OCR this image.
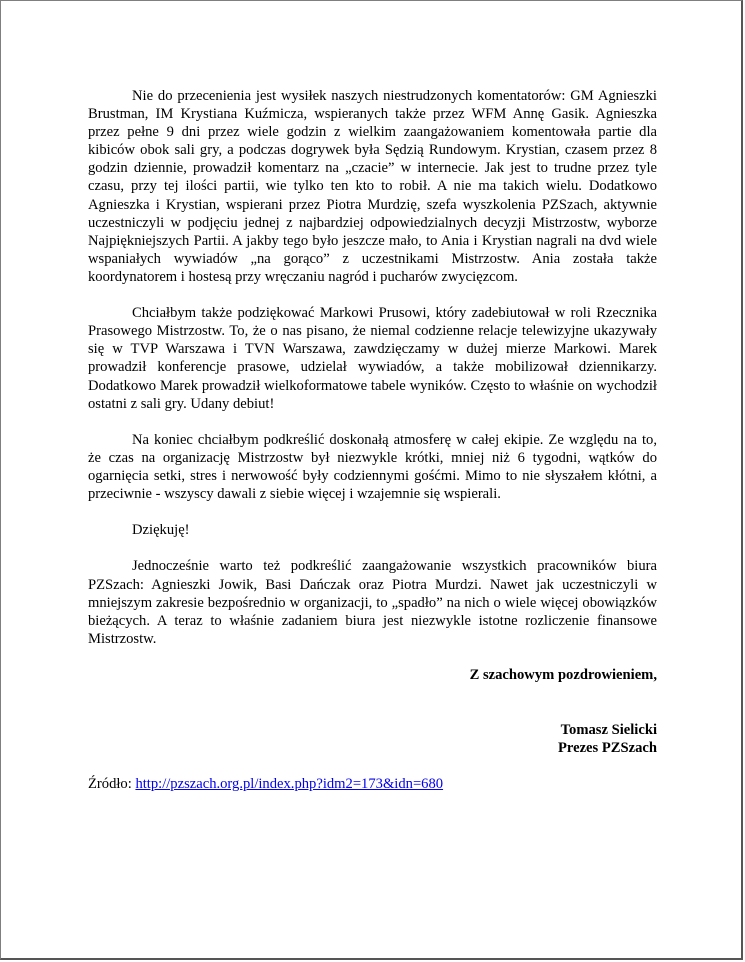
Nie do przecenienia jest wysiłek naszych niestrudzonych komentatorów: GM Agnieszki Brustman, IM Krystiana Kuźmicza, wspieranych także przez WFM Annę Gasik. Agnieszka przez pełne 9 dni przez wiele godzin z wielkim zaangażowaniem komentowała partie dla kibiców obok sali gry, a podczas dogrywek była Sędzią Rundowym. Krystian, czasem przez 8 godzin dziennie, prowadził komentarz na „czacie” w internecie. Jak jest to trudne przez tyle czasu, przy tej ilości partii, wie tylko ten kto to robił. A nie ma takich wielu. Dodatkowo Agnieszka i Krystian, wspierani przez Piotra Murdzię, szefa wyszkolenia PZSzach, aktywnie uczestniczyli w podjęciu jednej z najbardziej odpowiedzialnych decyzji Mistrzostw, wyborze Najpiękniejszych Partii. A jakby tego było jeszcze mało, to Ania i Krystian nagrali na dvd wiele wspaniałych wywiadów „na gorąco” z uczestnikami Mistrzostw. Ania została także koordynatorem i hostesą przy wręczaniu nagród i pucharów zwycięzcom.

Chciałbym także podziękować Markowi Prusowi, który zadebiutował w roli Rzecznika Prasowego Mistrzostw. To, że o nas pisano, że niemal codzienne relacje telewizyjne ukazywały się w TVP Warszawa i TVN Warszawa, zawdzięczamy w dużej mierze Markowi. Marek prowadził konferencje prasowe, udzielał wywiadów, a także mobilizował dziennikarzy. Dodatkowo Marek prowadził wielkoformatowe tabele wyników. Często to właśnie on wychodził ostatni z sali gry. Udany debiut!

Na koniec chciałbym podkreślić doskonałą atmosferę w całej ekipie. Ze względu na to, że czas na organizację Mistrzostw był niezwykle krótki, mniej niż 6 tygodni, wątków do ogarnięcia setki, stres i nerwowość były codziennymi gośćmi. Mimo to nie słyszałem kłótni, a przeciwnie - wszyscy dawali z siebie więcej i wzajemnie się wspierali.

Dziękuję!

Jednocześnie warto też podkreślić zaangażowanie wszystkich pracowników biura PZSzach: Agnieszki Jowik, Basi Dańczak oraz Piotra Murdzi. Nawet jak uczestniczyli w mniejszym zakresie bezpośrednio w organizacji, to „spadło” na nich o wiele więcej obowiązków bieżących. A teraz to właśnie zadaniem biura jest niezwykle istotne rozliczenie finansowe Mistrzostw.

Z szachowym pozdrowieniem,
Tomasz Sielicki
Prezes PZSzach
Źródło: http://pzszach.org.pl/index.php?idm2=173&idn=680
